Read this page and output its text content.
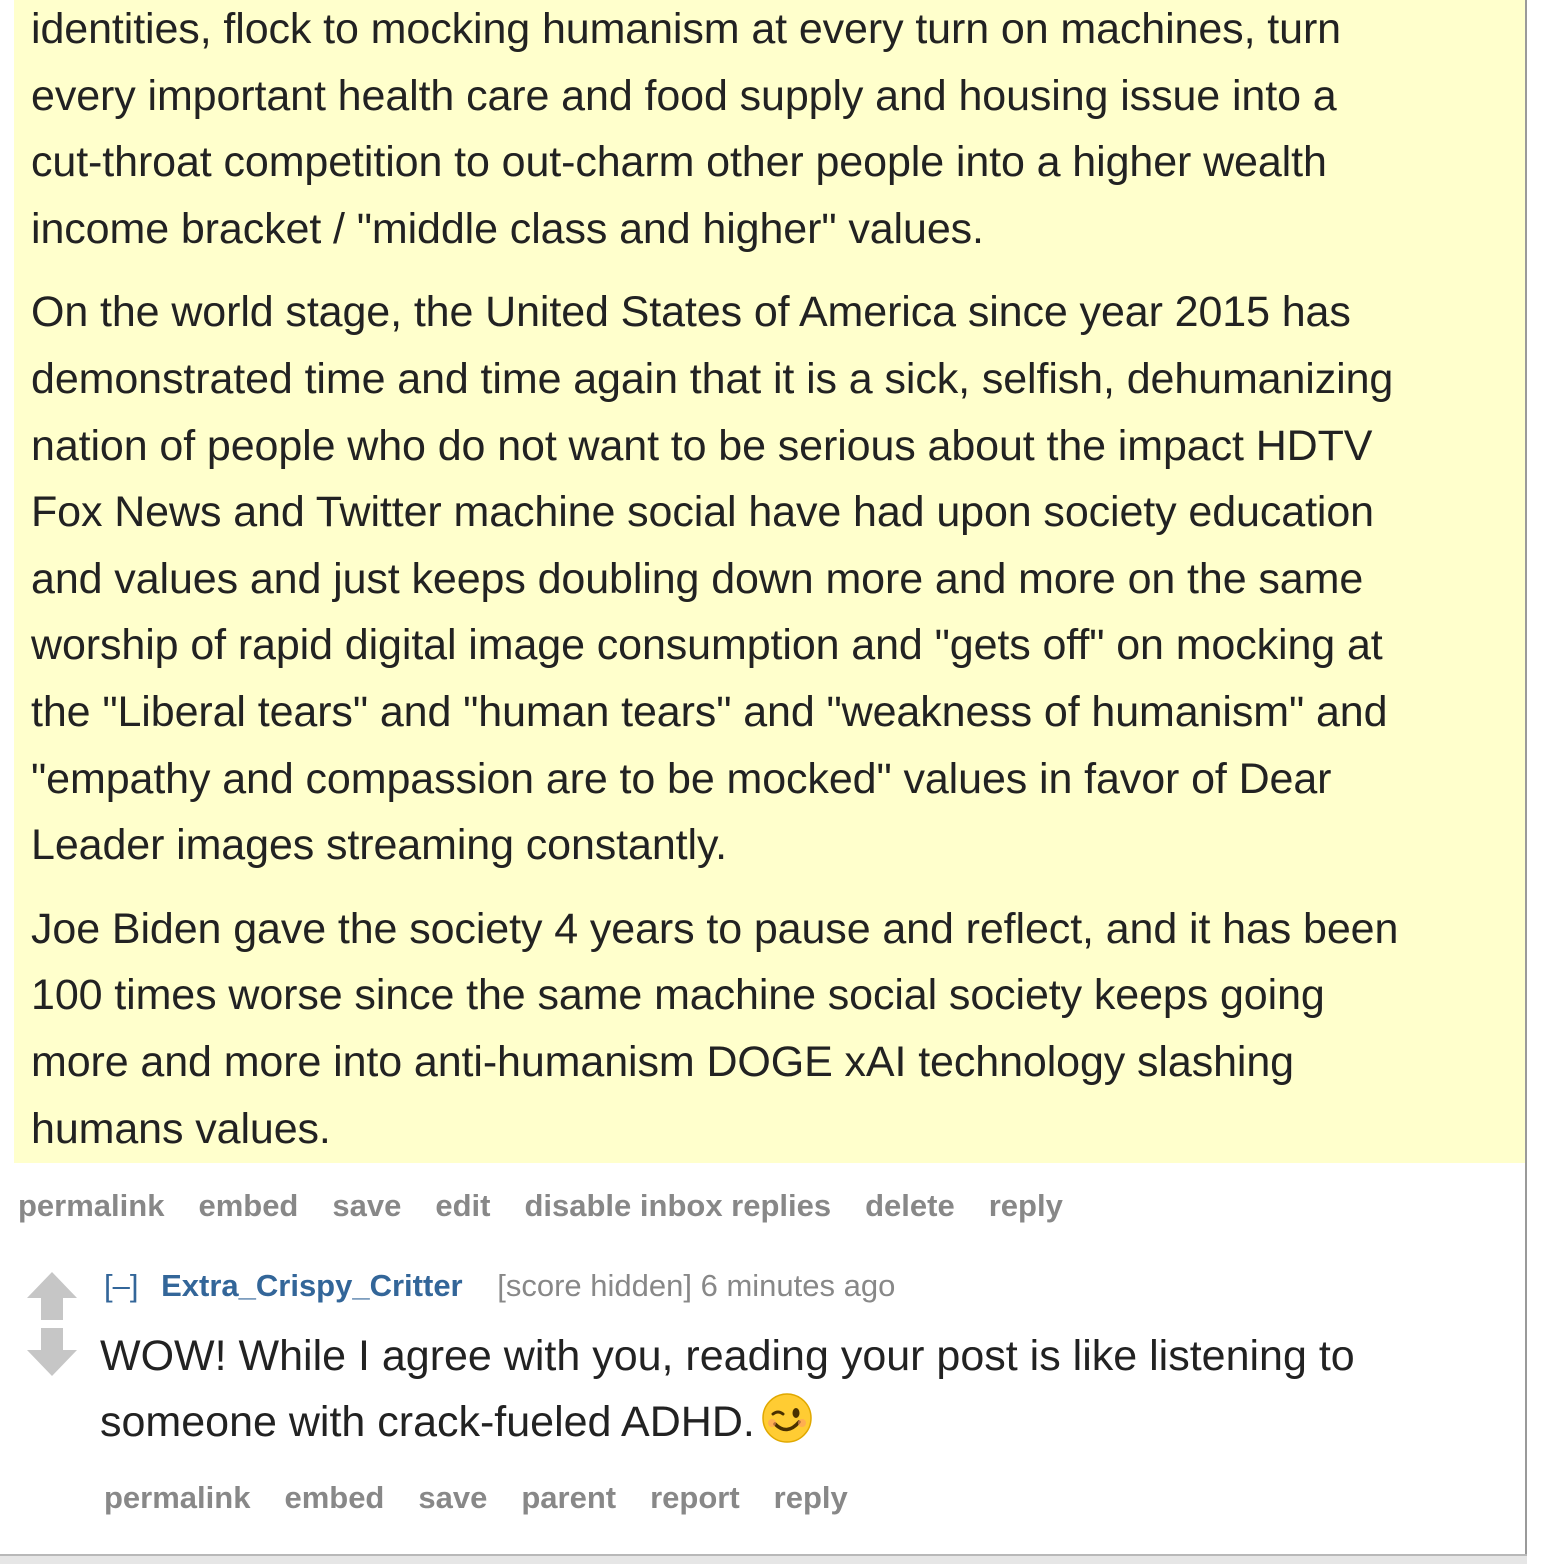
identities, flock to mocking humanism at every turn on machines, turn
every important health care and food supply and housing issue into a
cut-throat competition to out-charm other people into a higher wealth
income bracket / "middle class and higher" values.

On the world stage, the United States of America since year 2015 has
demonstrated time and time again that it is a sick, selfish, dehumanizing
nation of people who do not want to be serious about the impact HDTV
Fox News and Twitter machine social have had upon society education
and values and just keeps doubling down more and more on the same
worship of rapid digital image consumption and "gets off" on mocking at
the "Liberal tears" and "human tears" and "weakness of humanism" and
"empathy and compassion are to be mocked" values in favor of Dear
Leader images streaming constantly.

Joe Biden gave the society 4 years to pause and reflect, and it has been
100 times worse since the same machine social society keeps going
more and more into anti-humanism DOGE xAI technology slashing
humans values.

permalink embed save edit disable inbox replies delete reply
[–] Extra_Crispy_Critter [score hidden] 6 minutes ago
WOW! While I agree with you, reading your post is like listening to
someone with crack-fueled ADHD.
permalink embed save parent report reply
